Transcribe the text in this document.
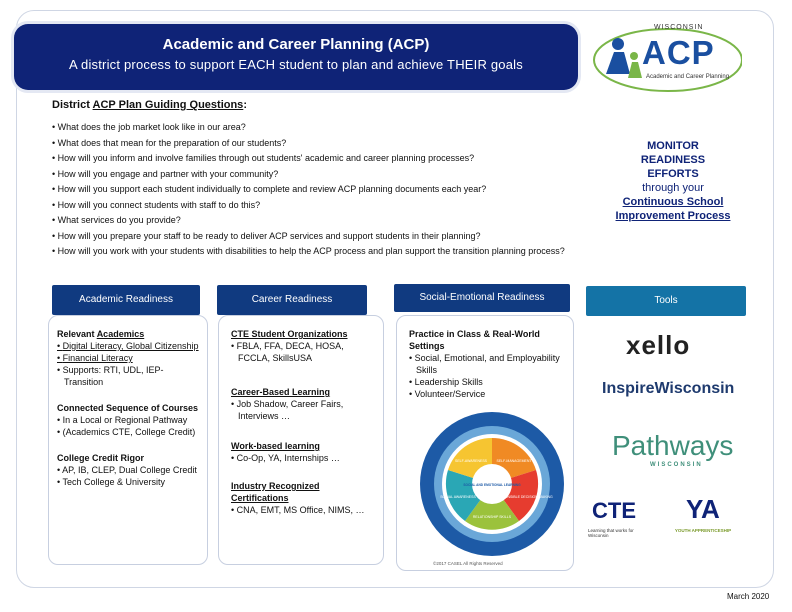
Academic and Career Planning (ACP)
A district process to support EACH student to plan and achieve THEIR goals
WISCONSIN
ACP
Academic and Career Planning
District ACP Plan Guiding Questions:
• What does the job market look like in our area?
• What does that mean for the preparation of our students?
• How will you inform and involve families through out students' academic and career planning processes?
• How will you engage and partner with your community?
• How will you support each student individually to complete and review ACP planning documents each year?
• How will you connect students with staff to do this?
• What services do you provide?
• How will you prepare your staff to be ready to deliver ACP services and support students in their planning?
• How will you work with your students with disabilities to help the ACP process and plan support the transition planning process?
MONITOR
READINESS
EFFORTS
through your
Continuous School
Improvement Process
Academic Readiness	Career Readiness	Social-Emotional Readiness	Tools
Relevant Academics
• Digital Literacy, Global Citizenship
• Financial Literacy
• Supports: RTI, UDL, IEP-Transition
Connected Sequence of Courses
• In a Local or Regional Pathway
• (Academics CTE, College Credit)
College Credit Rigor
• AP, IB, CLEP, Dual College Credit
• Tech College & University
CTE Student Organizations
• FBLA, FFA, DECA, HOSA, FCCLA, SkillsUSA
Career-Based Learning
• Job Shadow, Career Fairs, Interviews …
Work-based learning
• Co-Op, YA, Internships …
Industry Recognized Certifications
• CNA, EMT, MS Office, NIMS, …
Practice in Class & Real-World Settings
• Social, Emotional, and Employability Skills
• Leadership Skills
• Volunteer/Service
SELF-AWARENESS	SELF-MANAGEMENT
SOCIAL AWARENESS
RELATIONSHIP SKILLS
RESPONSIBLE DECISION-MAKING
SOCIAL AND EMOTIONAL LEARNING
©2017 CASEL All Rights Reserved
xello
InspireWisconsin
Pathways
WISCONSIN
CTE
Learning that works for Wisconsin
YA
YOUTH APPRENTICESHIP
March 2020
